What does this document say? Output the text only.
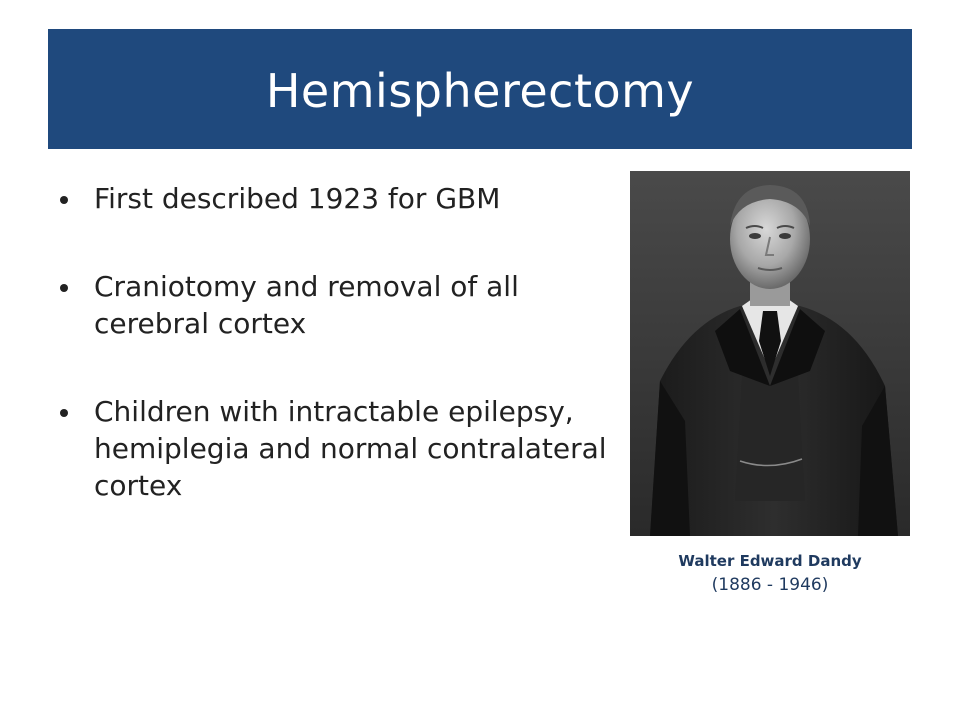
Hemispherectomy
First described 1923 for GBM
Craniotomy and removal of all cerebral cortex
Children with intractable epilepsy, hemiplegia and normal contralateral cortex
Walter Edward Dandy
(1886 - 1946)
